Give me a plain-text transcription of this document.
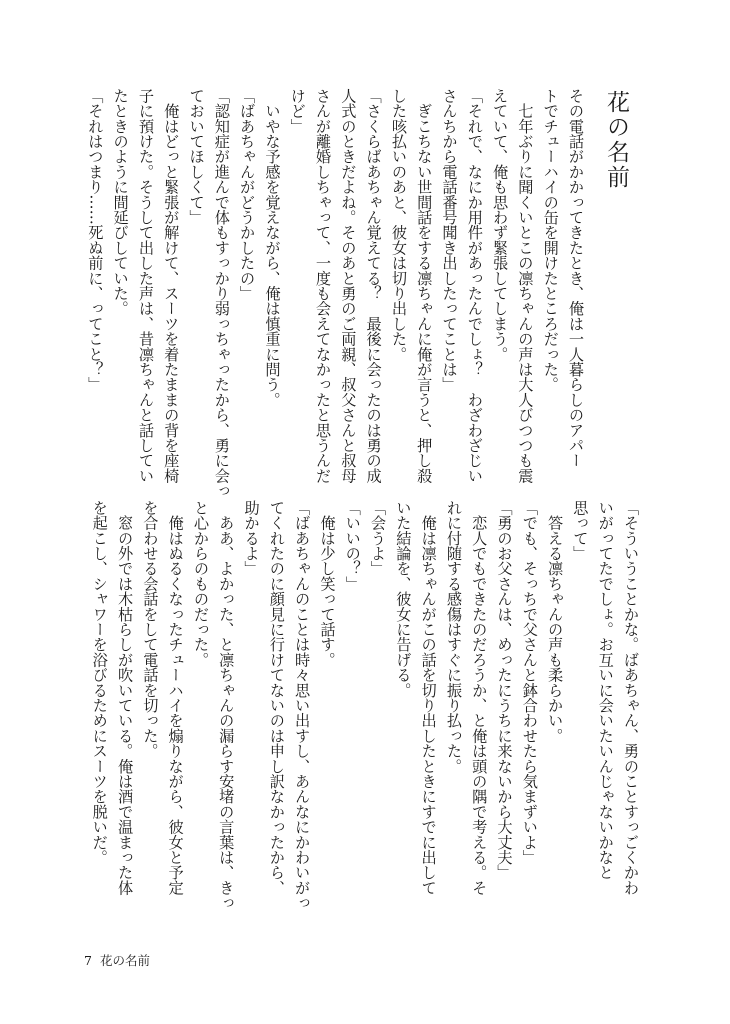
花の名前
その電話がかかってきたとき、俺は一人暮らしのアパー
トでチューハイの缶を開けたところだった。
　七年ぶりに聞くいとこの凛ちゃんの声は大人びつつも震
えていて、俺も思わず緊張してしまう。
「それで、なにか用件があったんでしょ？　わざわざじい
さんちから電話番号聞き出したってことは」
　ぎこちない世間話をする凛ちゃんに俺が言うと、押し殺
した咳払いのあと、彼女は切り出した。
「さくらばあちゃん覚えてる？　最後に会ったのは勇の成
人式のときだよね。そのあと勇のご両親、叔父さんと叔母
さんが離婚しちゃって、一度も会えてなかったと思うんだ
けど」
　いやな予感を覚えながら、俺は慎重に問う。
「ばあちゃんがどうかしたの」
「認知症が進んで体もすっかり弱っちゃったから、勇に会っ
ておいてほしくて」
　俺はどっと緊張が解けて、スーツを着たままの背を座椅
子に預けた。そうして出した声は、昔凛ちゃんと話してい
たときのように間延びしていた。
「それはつまり……死ぬ前に、ってこと？」
「そういうことかな。ばあちゃん、勇のことすっごくかわ
いがってたでしょ。お互いに会いたいんじゃないかなと
思って」
　答える凛ちゃんの声も柔らかい。
「でも、そっちで父さんと鉢合わせたら気まずいよ」
「勇のお父さんは、めったにうちに来ないから大丈夫」
　恋人でもできたのだろうか、と俺は頭の隅で考える。そ
れに付随する感傷はすぐに振り払った。
　俺は凛ちゃんがこの話を切り出したときにすでに出して
いた結論を、彼女に告げる。
「会うよ」
「いいの？」
　俺は少し笑って話す。
「ばあちゃんのことは時々思い出すし、あんなにかわいがっ
てくれたのに顔見に行けてないのは申し訳なかったから、
助かるよ」
　ああ、よかった、と凛ちゃんの漏らす安堵の言葉は、きっ
と心からのものだった。
　俺はぬるくなったチューハイを煽りながら、彼女と予定
を合わせる会話をして電話を切った。
　窓の外では木枯らしが吹いている。俺は酒で温まった体
を起こし、シャワーを浴びるためにスーツを脱いだ。
7 花の名前
